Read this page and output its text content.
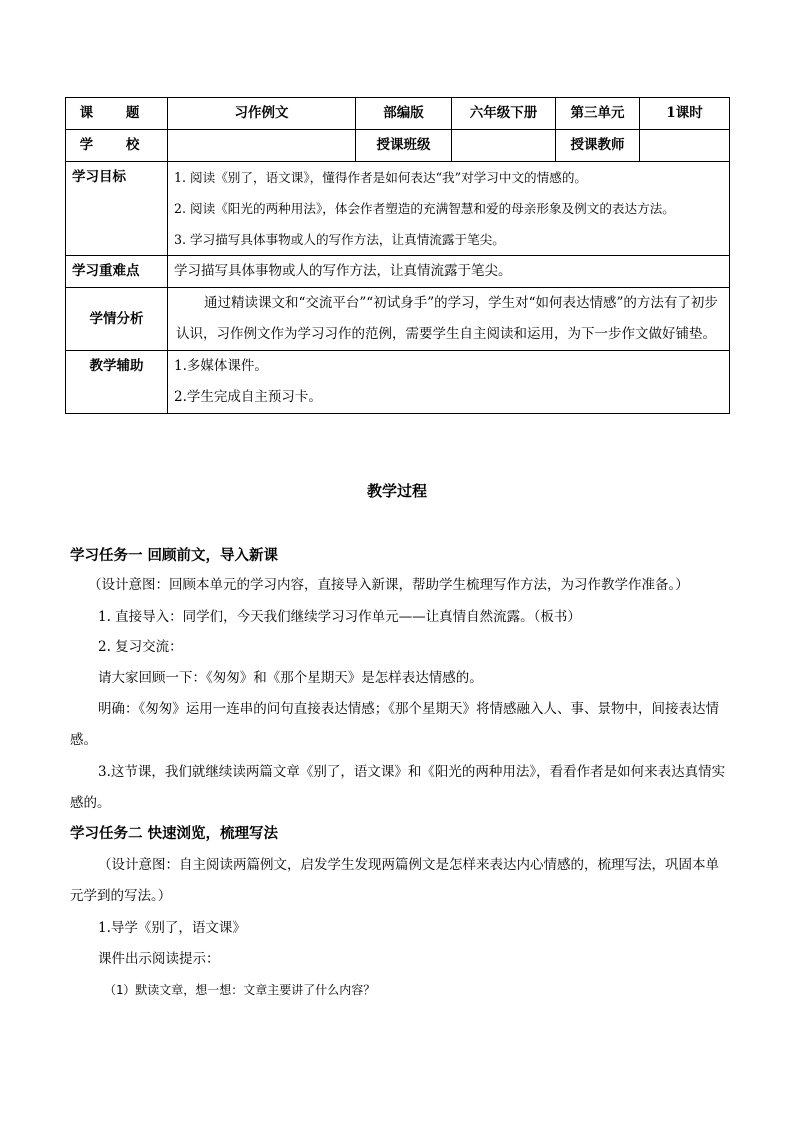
课 题	习作例文	部编版	六年级下册	第三单元	1课时
学 校		授课班级		授课教师	
学习目标	1. 阅读《别了，语文课》，懂得作者是如何表达“我”对学习中文的情感的。
2. 阅读《阳光的两种用法》，体会作者塑造的充满智慧和爱的母亲形象及例文的表达方法。
3. 学习描写具体事物或人的写作方法，让真情流露于笔尖。				

学习重难点	学习描写具体事物或人的写作方法，让真情流露于笔尖。				
学情分析	通过精读课文和“交流平台”“初试身手”的学习，学生对“如何表达情感”的方法有了初步认识，习作例文作为学习习作的范例，需要学生自主阅读和运用，为下一步作文做好铺垫。				
教学辅助	1.多媒体课件。
2.学生完成自主预习卡。				
教学过程
学习任务一 回顾前文，导入新课
（设计意图：回顾本单元的学习内容，直接导入新课，帮助学生梳理写作方法，为习作教学作准备。）
1. 直接导入：同学们，今天我们继续学习习作单元——让真情自然流露。（板书）
2. 复习交流：
请大家回顾一下：《匆匆》和《那个星期天》是怎样表达情感的。
明确：《匆匆》运用一连串的问句直接表达情感；《那个星期天》将情感融入人、事、景物中，间接表达情感。
3.这节课，我们就继续读两篇文章《别了，语文课》和《阳光的两种用法》，看看作者是如何来表达真情实感的。
学习任务二 快速浏览，梳理写法
（设计意图：自主阅读两篇例文，启发学生发现两篇例文是怎样来表达内心情感的，梳理写法，巩固本单元学到的写法。）
1.导学《别了，语文课》
课件出示阅读提示：
（1）默读文章，想一想：文章主要讲了什么内容？
